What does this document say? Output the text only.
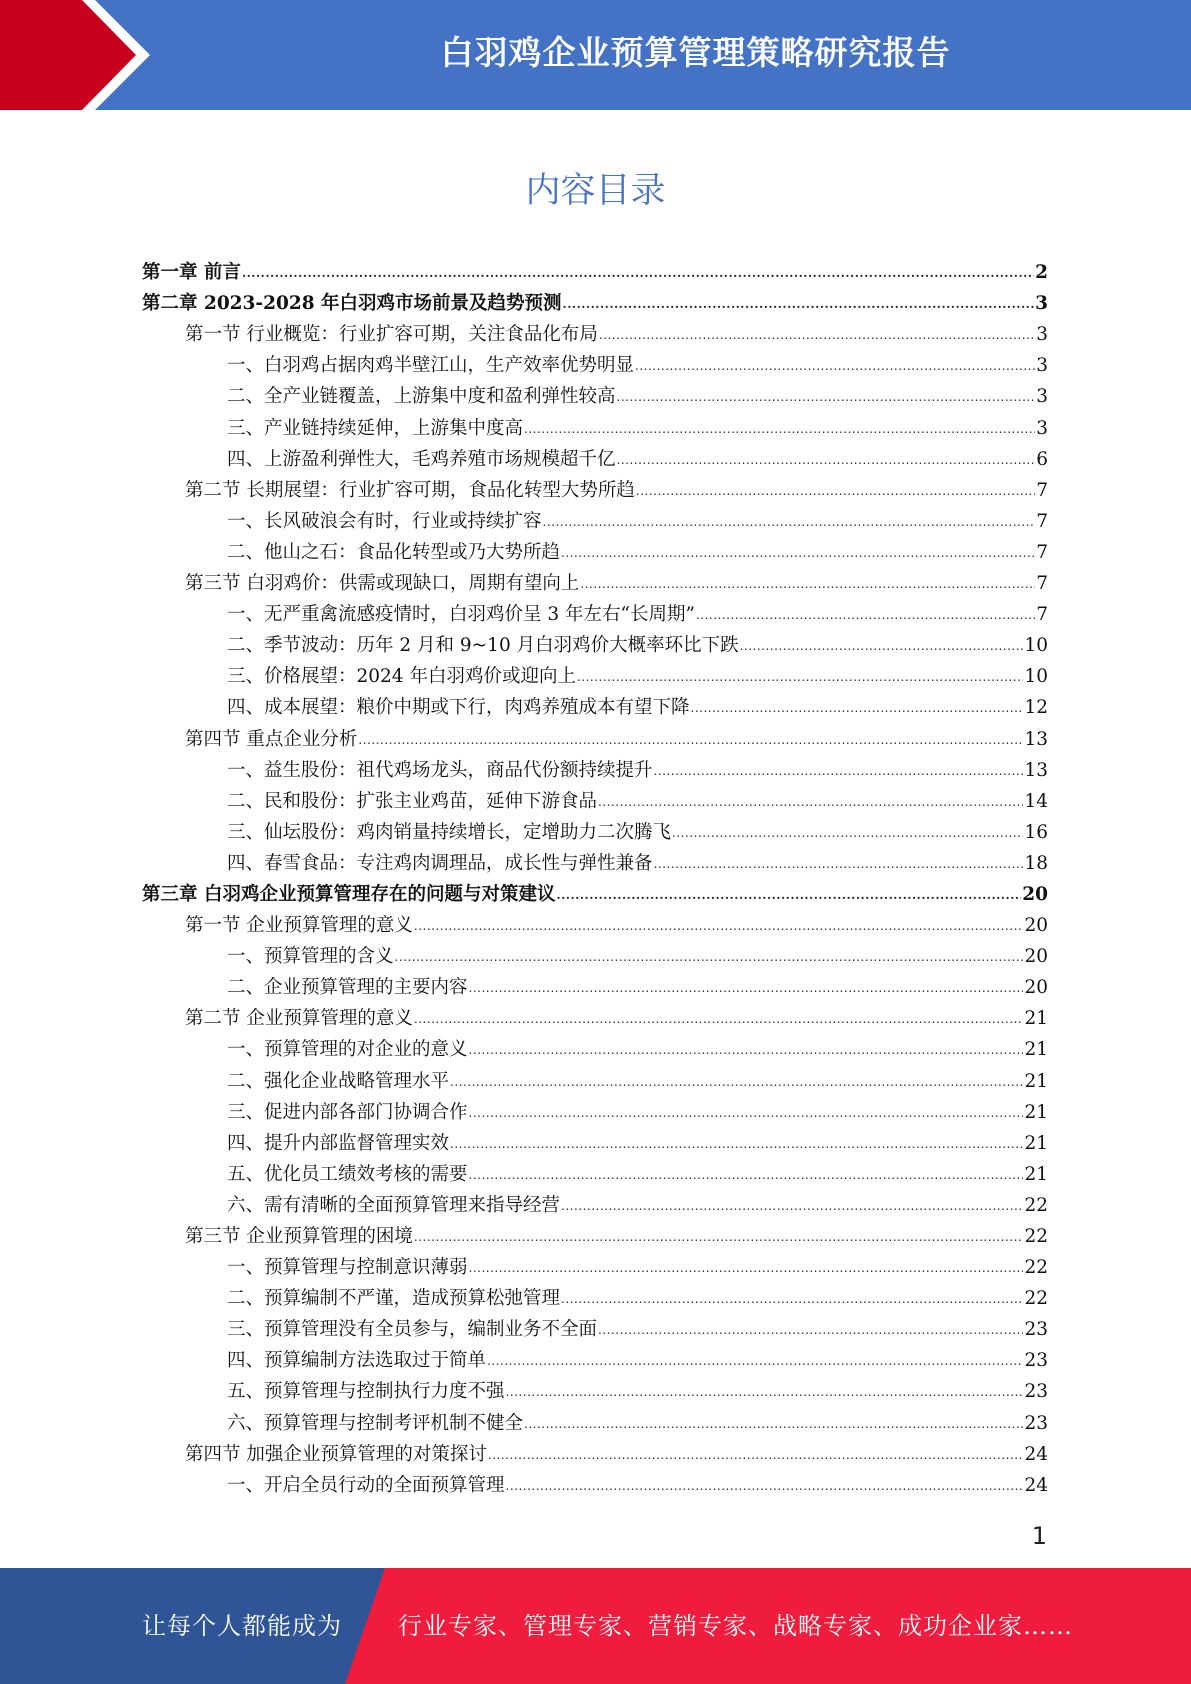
白羽鸡企业预算管理策略研究报告
内容目录
第一章 前言 .....	2
第二章 2023-2028 年白羽鸡市场前景及趋势预测 .....	3
第一节 行业概览：行业扩容可期，关注食品化布局 .....	3
一、白羽鸡占据肉鸡半壁江山，生产效率优势明显 .....	3
二、全产业链覆盖，上游集中度和盈利弹性较高 .....	3
三、产业链持续延伸，上游集中度高 .....	3
四、上游盈利弹性大，毛鸡养殖市场规模超千亿 .....	6
第二节 长期展望：行业扩容可期，食品化转型大势所趋 .....	7
一、长风破浪会有时，行业或持续扩容 .....	7
二、他山之石：食品化转型或乃大势所趋 .....	7
第三节 白羽鸡价：供需或现缺口，周期有望向上 .....	7
一、无严重禽流感疫情时，白羽鸡价呈 3 年左右“长周期” .....	7
二、季节波动：历年 2 月和 9~10 月白羽鸡价大概率环比下跌 .....	10
三、价格展望：2024 年白羽鸡价或迎向上 .....	10
四、成本展望：粮价中期或下行，肉鸡养殖成本有望下降 .....	12
第四节 重点企业分析 .....	13
一、益生股份：祖代鸡场龙头，商品代份额持续提升 .....	13
二、民和股份：扩张主业鸡苗，延伸下游食品 .....	14
三、仙坛股份：鸡肉销量持续增长，定增助力二次腾飞 .....	16
四、春雪食品：专注鸡肉调理品，成长性与弹性兼备 .....	18
第三章 白羽鸡企业预算管理存在的问题与对策建议 .....	20
第一节 企业预算管理的意义 .....	20
一、预算管理的含义 .....	20
二、企业预算管理的主要内容 .....	20
第二节 企业预算管理的意义 .....	21
一、预算管理的对企业的意义 .....	21
二、强化企业战略管理水平 .....	21
三、促进内部各部门协调合作 .....	21
四、提升内部监督管理实效 .....	21
五、优化员工绩效考核的需要 .....	21
六、需有清晰的全面预算管理来指导经营 .....	22
第三节 企业预算管理的困境 .....	22
一、预算管理与控制意识薄弱 .....	22
二、预算编制不严谨，造成预算松弛管理 .....	22
三、预算管理没有全员参与，编制业务不全面 .....	23
四、预算编制方法选取过于简单 .....	23
五、预算管理与控制执行力度不强 .....	23
六、预算管理与控制考评机制不健全 .....	23
第四节 加强企业预算管理的对策探讨 .....	24
一、开启全员行动的全面预算管理 .....	24
1
让每个人都能成为 行业专家、管理专家、营销专家、战略专家、成功企业家……
